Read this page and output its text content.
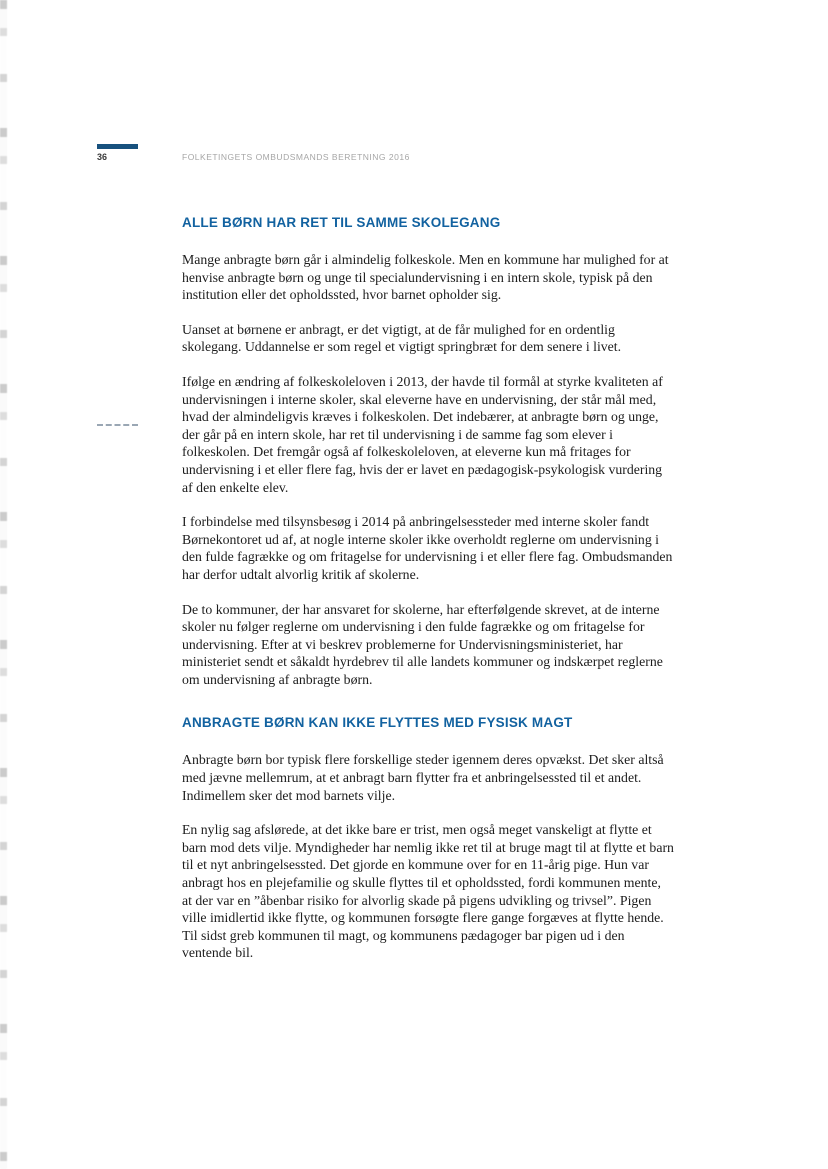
36	FOLKETINGETS OMBUDSMANDS BERETNING 2016
ALLE BØRN HAR RET TIL SAMME SKOLEGANG

Mange anbragte børn går i almindelig folkeskole. Men en kommune har mulighed for at henvise anbragte børn og unge til specialundervisning i en intern skole, typisk på den institution eller det opholdssted, hvor barnet opholder sig.

Uanset at børnene er anbragt, er det vigtigt, at de får mulighed for en ordentlig skolegang. Uddannelse er som regel et vigtigt springbræt for dem senere i livet.

Ifølge en ændring af folkeskoleloven i 2013, der havde til formål at styrke kvaliteten af undervisningen i interne skoler, skal eleverne have en undervisning, der står mål med, hvad der almindeligvis kræves i folkeskolen. Det indebærer, at anbragte børn og unge, der går på en intern skole, har ret til undervisning i de samme fag som elever i folkeskolen. Det fremgår også af folkeskoleloven, at eleverne kun må fritages for undervisning i et eller flere fag, hvis der er lavet en pædagogisk-psykologisk vurdering af den enkelte elev.

I forbindelse med tilsynsbesøg i 2014 på anbringelsessteder med interne skoler fandt Børnekontoret ud af, at nogle interne skoler ikke overholdt reglerne om undervisning i den fulde fagrække og om fritagelse for undervisning i et eller flere fag. Ombudsmanden har derfor udtalt alvorlig kritik af skolerne.

De to kommuner, der har ansvaret for skolerne, har efterfølgende skrevet, at de interne skoler nu følger reglerne om undervisning i den fulde fagrække og om fritagelse for undervisning. Efter at vi beskrev problemerne for Undervisningsministeriet, har ministeriet sendt et såkaldt hyrdebrev til alle landets kommuner og indskærpet reglerne om undervisning af anbragte børn.

ANBRAGTE BØRN KAN IKKE FLYTTES MED FYSISK MAGT

Anbragte børn bor typisk flere forskellige steder igennem deres opvækst. Det sker altså med jævne mellemrum, at et anbragt barn flytter fra et anbringelsessted til et andet. Indimellem sker det mod barnets vilje.

En nylig sag afslørede, at det ikke bare er trist, men også meget vanskeligt at flytte et barn mod dets vilje. Myndigheder har nemlig ikke ret til at bruge magt til at flytte et barn til et nyt anbringelsessted. Det gjorde en kommune over for en 11-årig pige. Hun var anbragt hos en plejefamilie og skulle flyttes til et opholdssted, fordi kommunen mente, at der var en ”åbenbar risiko for alvorlig skade på pigens udvikling og trivsel”. Pigen ville imidlertid ikke flytte, og kommunen forsøgte flere gange forgæves at flytte hende. Til sidst greb kommunen til magt, og kommunens pædagoger bar pigen ud i den ventende bil.
